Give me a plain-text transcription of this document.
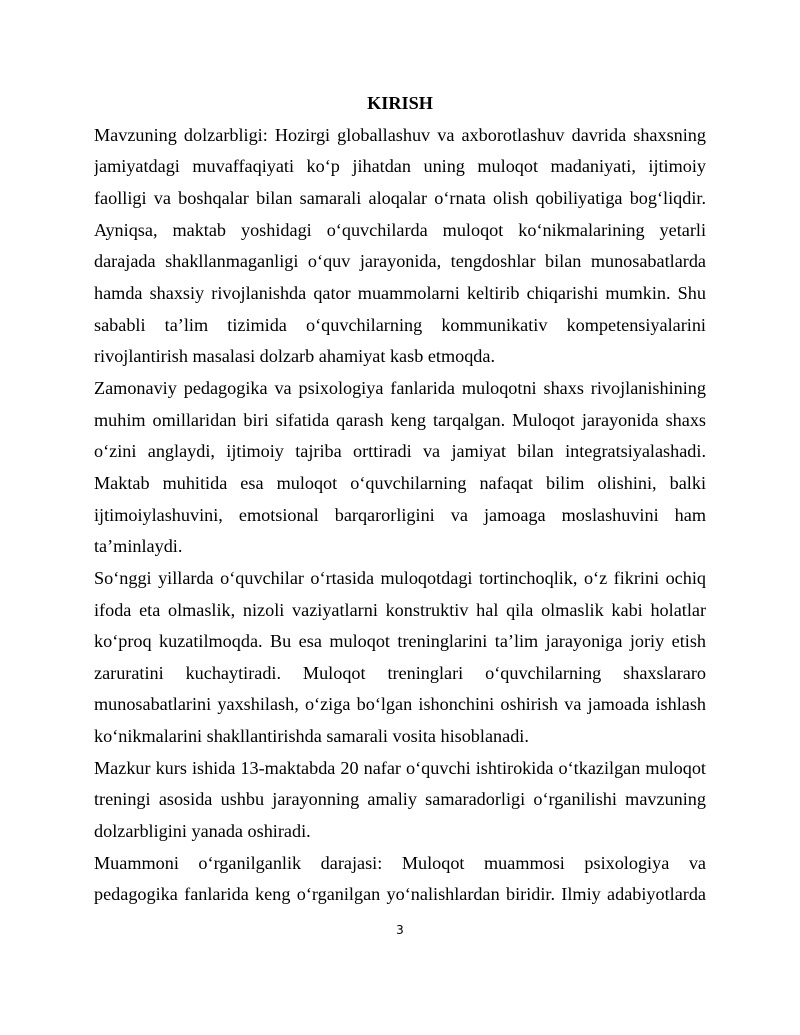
KIRISH
Mavzuning dolzarbligi: Hozirgi globallashuv va axborotlashuv davrida shaxsning
jamiyatdagi muvaffaqiyati ko‘p jihatdan uning muloqot madaniyati, ijtimoiy
faolligi va boshqalar bilan samarali aloqalar o‘rnata olish qobiliyatiga bog‘liqdir.
Ayniqsa, maktab yoshidagi o‘quvchilarda muloqot ko‘nikmalarining yetarli
darajada shakllanmaganligi o‘quv jarayonida, tengdoshlar bilan munosabatlarda
hamda shaxsiy rivojlanishda qator muammolarni keltirib chiqarishi mumkin. Shu
sababli ta’lim tizimida o‘quvchilarning kommunikativ kompetensiyalarini
rivojlantirish masalasi dolzarb ahamiyat kasb etmoqda.
Zamonaviy pedagogika va psixologiya fanlarida muloqotni shaxs rivojlanishining
muhim omillaridan biri sifatida qarash keng tarqalgan. Muloqot jarayonida shaxs
o‘zini anglaydi, ijtimoiy tajriba orttiradi va jamiyat bilan integratsiyalashadi.
Maktab muhitida esa muloqot o‘quvchilarning nafaqat bilim olishini, balki
ijtimoiylashuvini, emotsional barqarorligini va jamoaga moslashuvini ham
ta’minlaydi.
So‘nggi yillarda o‘quvchilar o‘rtasida muloqotdagi tortinchoqlik, o‘z fikrini ochiq
ifoda eta olmaslik, nizoli vaziyatlarni konstruktiv hal qila olmaslik kabi holatlar
ko‘proq kuzatilmoqda. Bu esa muloqot treninglarini ta’lim jarayoniga joriy etish
zaruratini kuchaytiradi. Muloqot treninglari o‘quvchilarning shaxslararo
munosabatlarini yaxshilash, o‘ziga bo‘lgan ishonchini oshirish va jamoada ishlash
ko‘nikmalarini shakllantirishda samarali vosita hisoblanadi.
Mazkur kurs ishida 13-maktabda 20 nafar o‘quvchi ishtirokida o‘tkazilgan muloqot
treningi asosida ushbu jarayonning amaliy samaradorligi o‘rganilishi mavzuning
dolzarbligini yanada oshiradi.
Muammoni o‘rganilganlik darajasi: Muloqot muammosi psixologiya va
pedagogika fanlarida keng o‘rganilgan yo‘nalishlardan biridir. Ilmiy adabiyotlarda
3
